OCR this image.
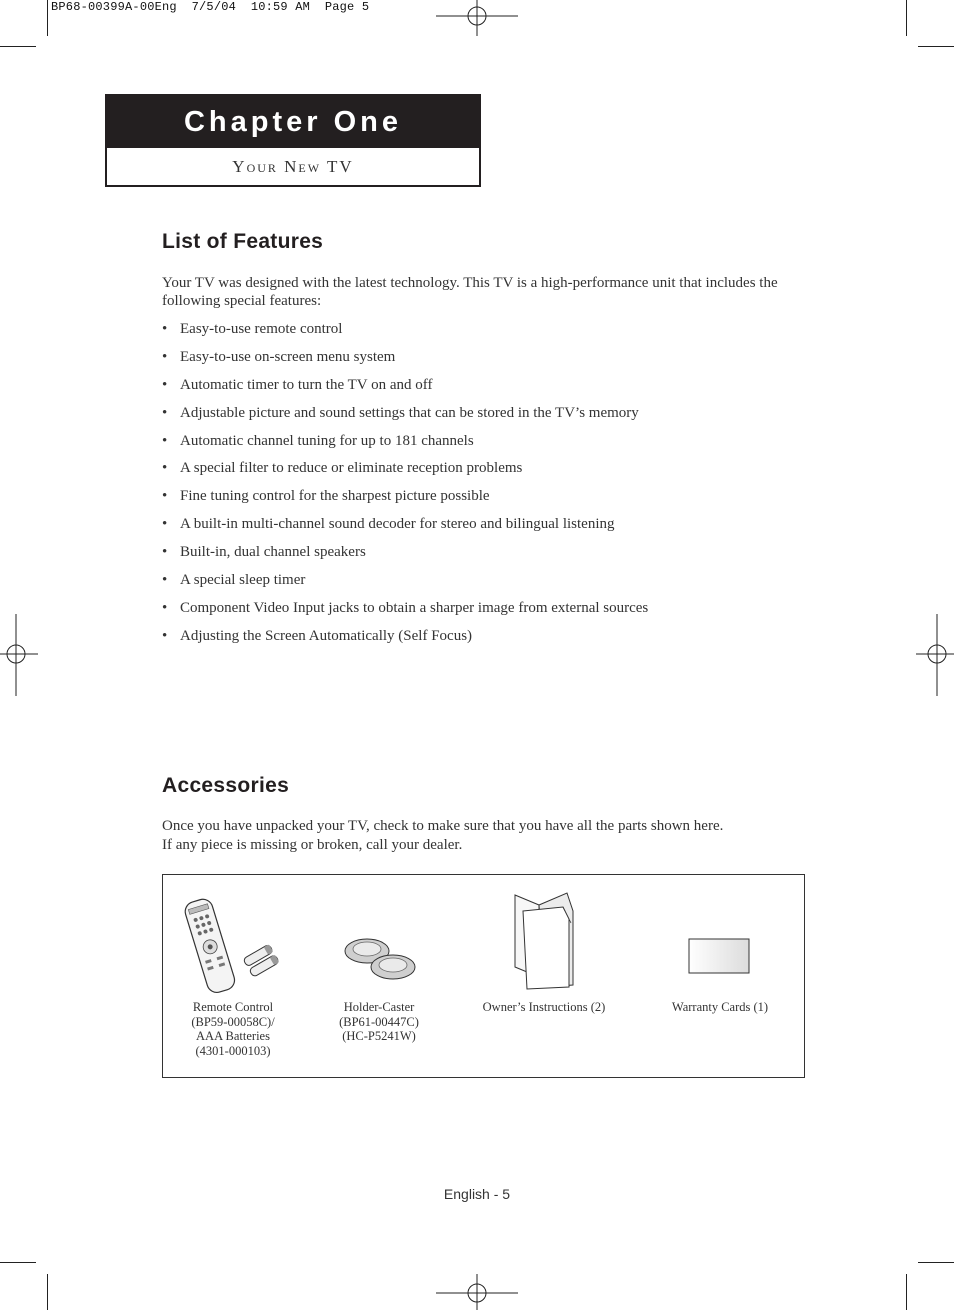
BP68-00399A-00Eng  7/5/04  10:59 AM  Page 5
Chapter One
Your New TV
List of Features

Your TV was designed with the latest technology. This TV is a high-performance unit that includes the following special features:

• Easy-to-use remote control
• Easy-to-use on-screen menu system
• Automatic timer to turn the TV on and off
• Adjustable picture and sound settings that can be stored in the TV’s memory
• Automatic channel tuning for up to 181 channels
• A special filter to reduce or eliminate reception problems
• Fine tuning control for the sharpest picture possible
• A built-in multi-channel sound decoder for stereo and bilingual listening
• Built-in, dual channel speakers
• A special sleep timer
• Component Video Input jacks to obtain a sharper image from external sources
• Adjusting the Screen Automatically (Self Focus)
Accessories

Once you have unpacked your TV, check to make sure that you have all the parts shown here.

If any piece is missing or broken, call your dealer.

Remote Control
(BP59-00058C)/
AAA Batteries
(4301-000103)
Holder-Caster
(BP61-00447C)
(HC-P5241W)
Owner’s Instructions (2)	Warranty Cards (1)
English - 5
